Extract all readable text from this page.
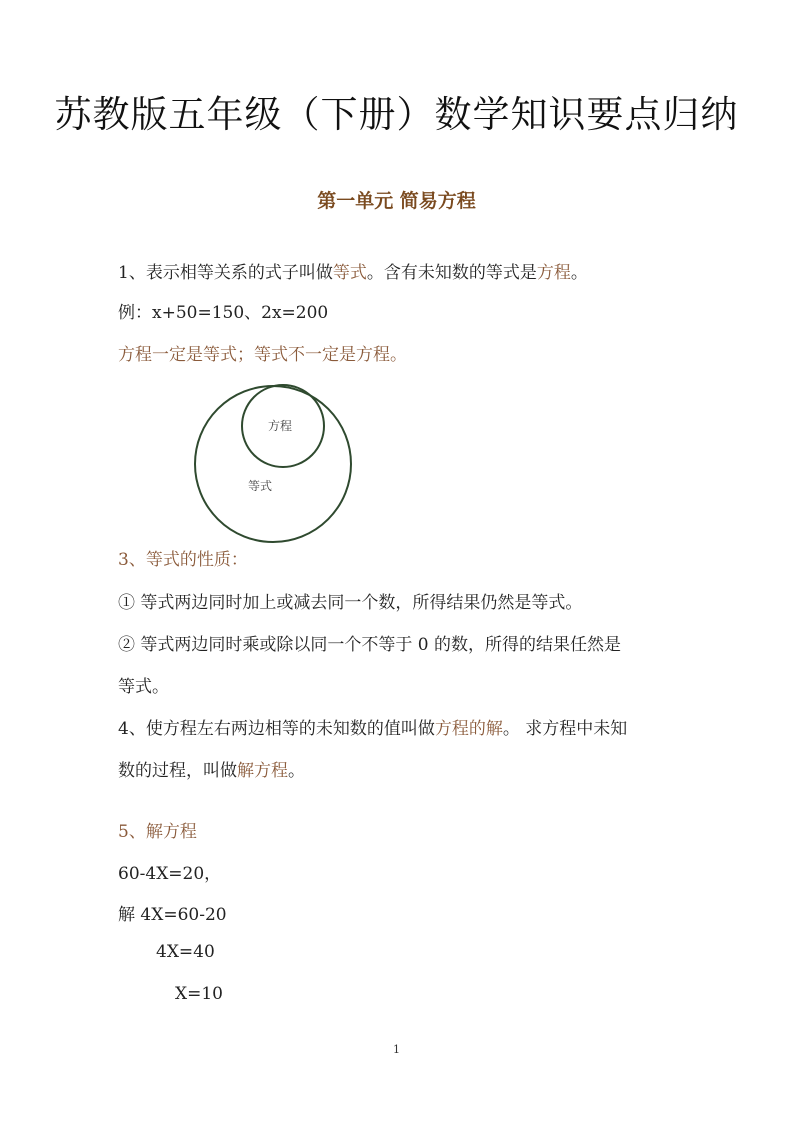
苏教版五年级（下册）数学知识要点归纳
第一单元 简易方程
1、表示相等关系的式子叫做等式。含有未知数的等式是方程。
例：x+50=150、2x=200
方程一定是等式；等式不一定是方程。
方程
等式
3、等式的性质：
① 等式两边同时加上或减去同一个数，所得结果仍然是等式。
② 等式两边同时乘或除以同一个不等于 0 的数，所得的结果任然是
等式。
4、使方程左右两边相等的未知数的值叫做方程的解。 求方程中未知
数的过程，叫做解方程。
5、解方程
60-4X=20，
解 4X=60-20
4X=40
X=10
1
